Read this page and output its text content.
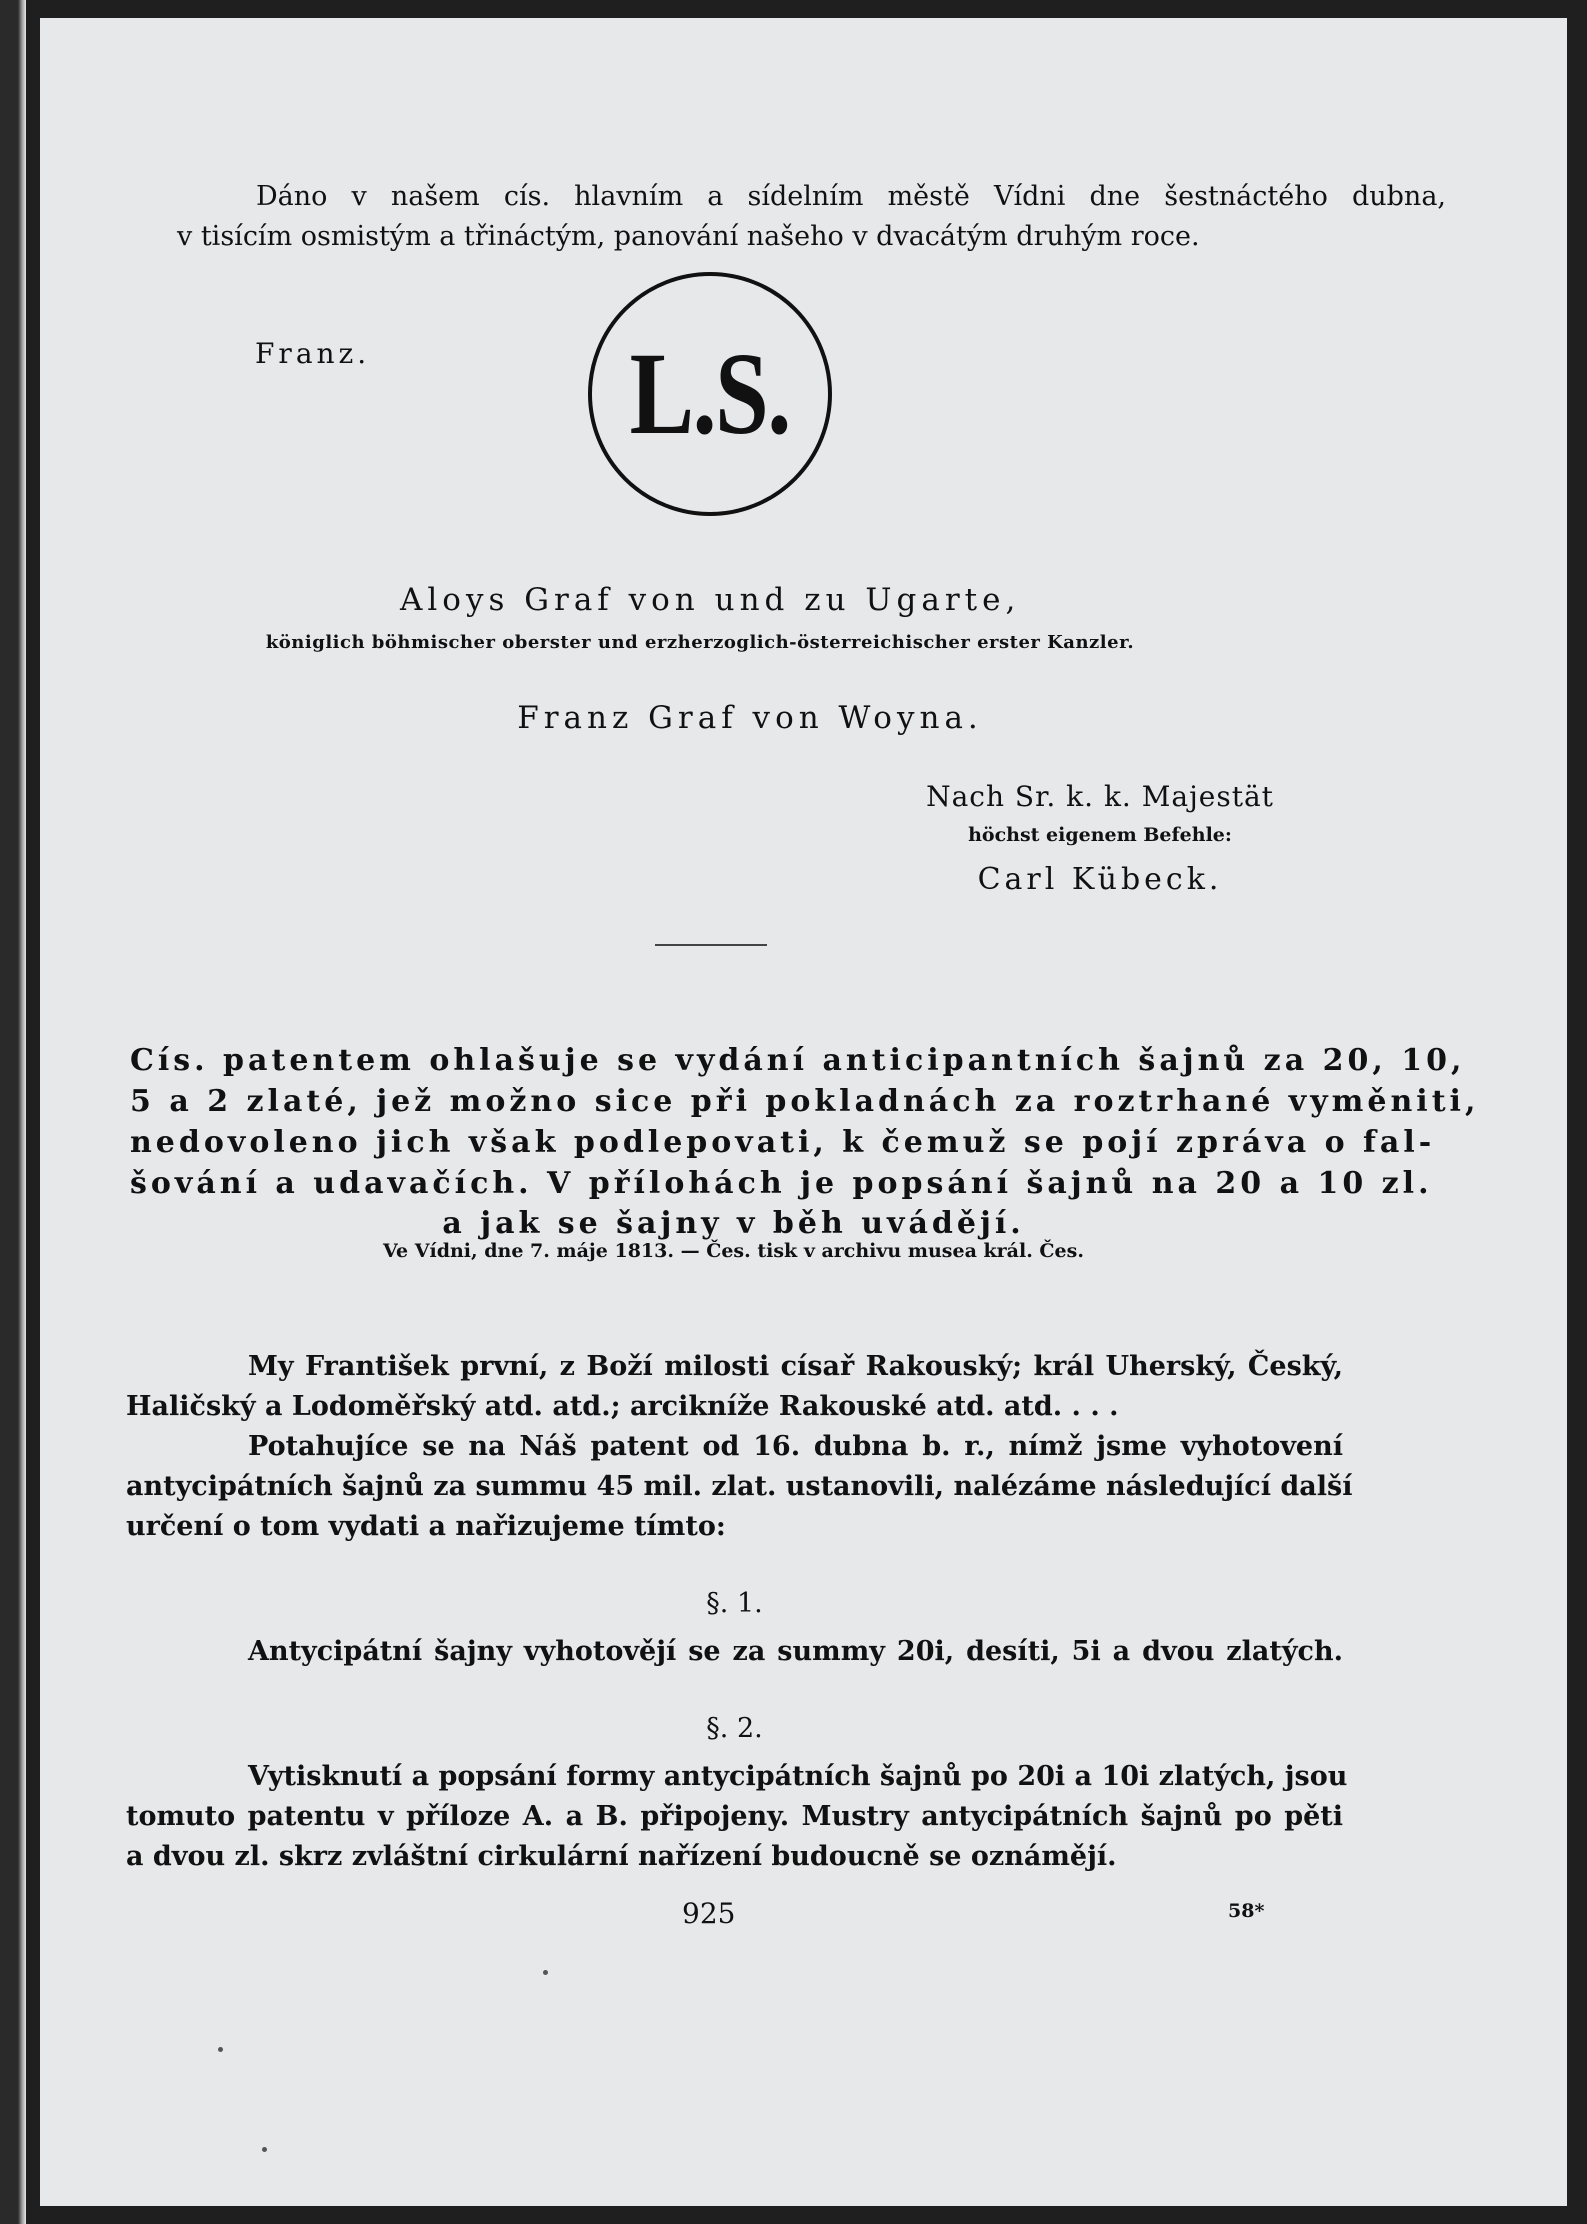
Dáno v našem cís. hlavním a sídelním městě Vídni dne šestnáctého dubna,
v tisícím osmistým a třináctým, panování našeho v dvacátým druhým roce.
Franz. L.S.
Aloys Graf von und zu Ugarte,
königlich böhmischer oberster und erzherzoglich-österreichischer erster Kanzler.
Franz Graf von Woyna.
Nach Sr. k. k. Majestät
höchst eigenem Befehle:
Carl Kübeck.
Cís. patentem ohlašuje se vydání anticipantních šajnů za 20, 10,
5 a 2 zlaté, jež možno sice při pokladnách za roztrhané vyměniti,
nedovoleno jich však podlepovati, k čemuž se pojí zpráva o fal-
šování a udavačích. V přílohách je popsání šajnů na 20 a 10 zl.
a jak se šajny v běh uvádějí.
Ve Vídni, dne 7. máje 1813. — Čes. tisk v archivu musea král. Čes.
My František první, z Boží milosti císař Rakouský; král Uherský, Český,
Haličský a Lodoměřský atd. atd.; arcikníže Rakouské atd. atd. . . .
Potahujíce se na Náš patent od 16. dubna b. r., nímž jsme vyhotovení
antycipátních šajnů za summu 45 mil. zlat. ustanovili, nalézáme následující další
určení o tom vydati a nařizujeme tímto:
§. 1.
Antycipátní šajny vyhotovějí se za summy 20i, desíti, 5i a dvou zlatých.
§. 2.
Vytisknutí a popsání formy antycipátních šajnů po 20i a 10i zlatých, jsou
tomuto patentu v příloze A. a B. připojeny. Mustry antycipátních šajnů po pěti
a dvou zl. skrz zvláštní cirkulární nařízení budoucně se oznámějí.
925	58*
